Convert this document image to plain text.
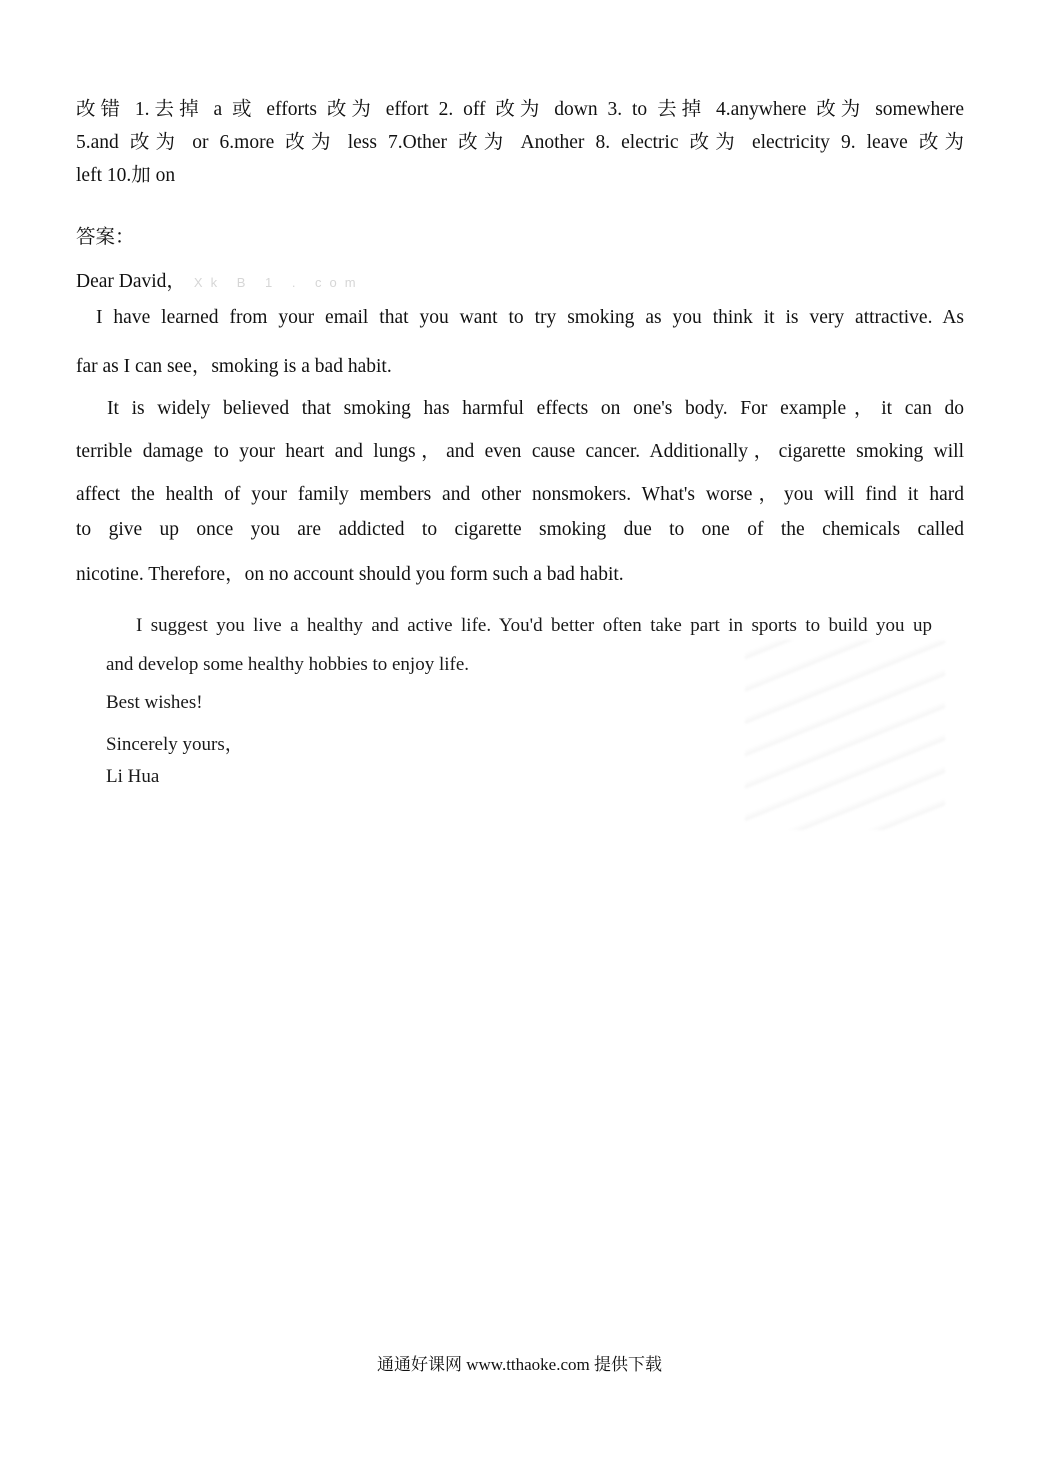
改错 1.去掉 a 或 efforts 改为 effort 2. off 改为 down 3. to 去掉 4.anywhere 改为 somewhere
5.and 改为 or 6.more 改为 less 7.Other 改为 Another 8. electric 改为 electricity 9. leave 改为
left 10.加 on
答案：
Dear David， Xk B 1 . com
I have learned from your email that you want to try smoking as you think it is very attractive. As
far as I can see，smoking is a bad habit.
It is widely believed that smoking has harmful effects on one's body. For example，it can do
terrible damage to your heart and lungs，and even cause cancer. Additionally，cigarette smoking will
affect the health of your family members and other nonsmokers. What's worse，you will find it hard
to give up once you are addicted to cigarette smoking due to one of the chemicals called
nicotine. Therefore，on no account should you form such a bad habit.
I suggest you live a healthy and active life. You'd better often take part in sports to build you up
and develop some healthy hobbies to enjoy life.
Best wishes!
Sincerely yours，
Li Hua
通通好课网 www.tthaoke.com 提供下载
